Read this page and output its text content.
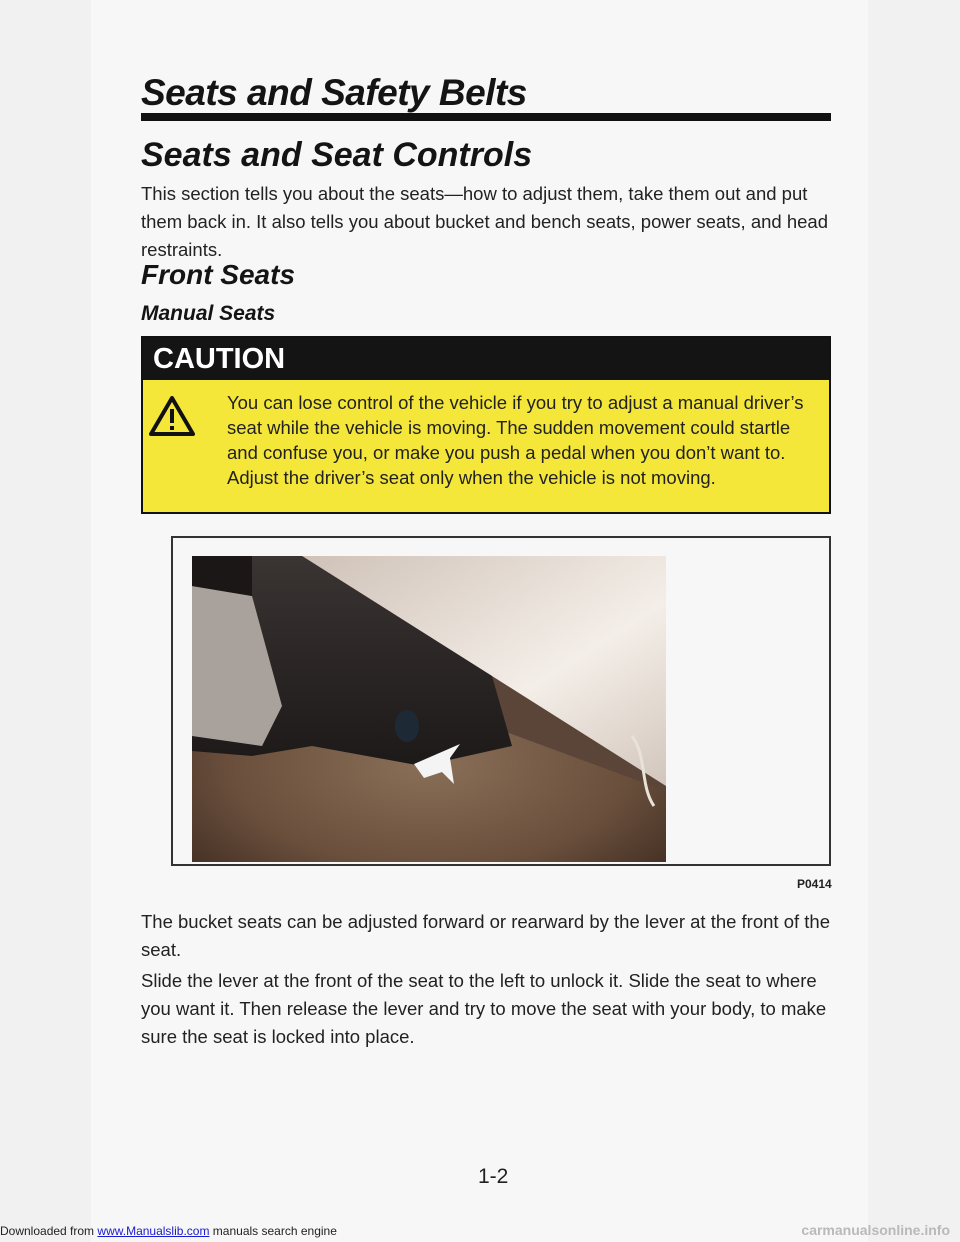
Seats and Safety Belts
Seats and Seat Controls

This section tells you about the seats—how to adjust them, take them out and put them back in. It also tells you about bucket and bench seats, power seats, and head restraints.

Front Seats
Manual Seats
CAUTION

You can lose control of the vehicle if you try to adjust a manual driver’s seat while the vehicle is moving. The sudden movement could startle and confuse you, or make you push a pedal when you don’t want to. Adjust the driver’s seat only when the vehicle is not moving.

P0414

The bucket seats can be adjusted forward or rearward by the lever at the front of the seat.

Slide the lever at the front of the seat to the left to unlock it. Slide the seat to where you want it. Then release the lever and try to move the seat with your body, to make sure the seat is locked into place.

1-2
Downloaded from www.Manualslib.com manuals search engine	carmanualsonline.info
